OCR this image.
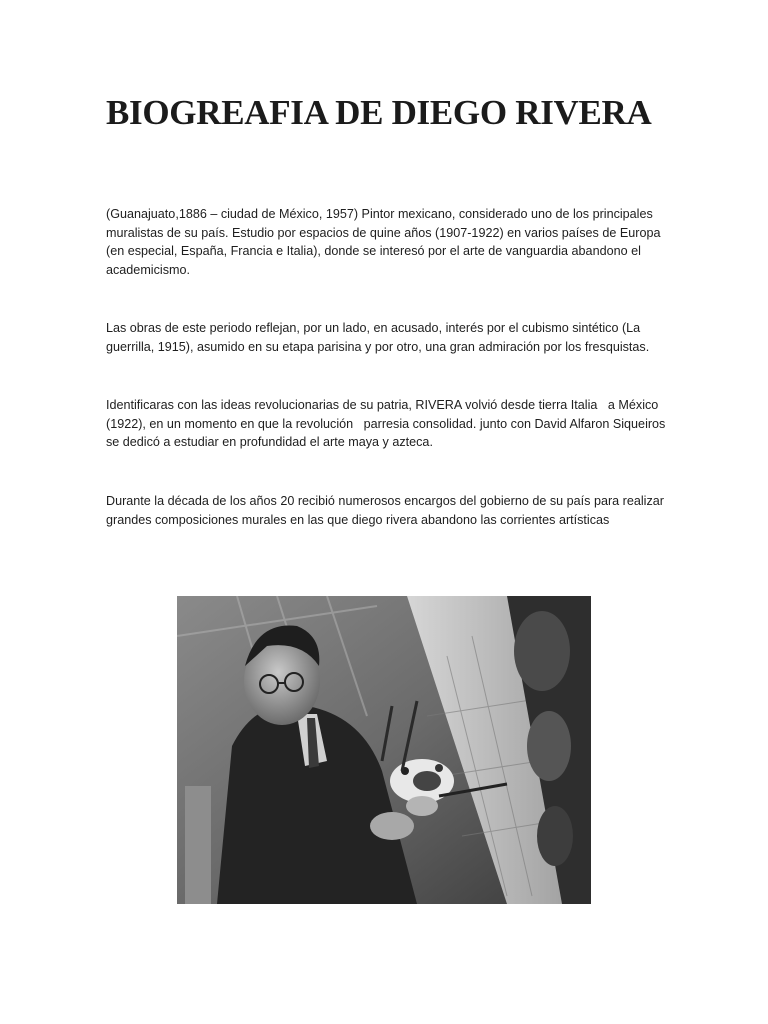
BIOGREAFIA DE DIEGO RIVERA

(Guanajuato,1886 – ciudad de México, 1957) Pintor mexicano, considerado uno de los principales muralistas de su país. Estudio por espacios de quine años (1907-1922) en varios países de Europa (en especial, España, Francia e Italia), donde se interesó por el arte de vanguardia abandono el academicismo.

Las obras de este periodo reflejan, por un lado, en acusado, interés por el cubismo sintético (La guerrilla, 1915), asumido en su etapa parisina y por otro, una gran admiración por los fresquistas.

Identificaras con las ideas revolucionarias de su patria, RIVERA volvió desde tierra Italia   a México (1922), en un momento en que la revolución   parresia consolidad. junto con David Alfaron Siqueiros se dedicó a estudiar en profundidad el arte maya y azteca.

Durante la década de los años 20 recibió numerosos encargos del gobierno de su país para realizar grandes composiciones murales en las que diego rivera abandono las corrientes artísticas
